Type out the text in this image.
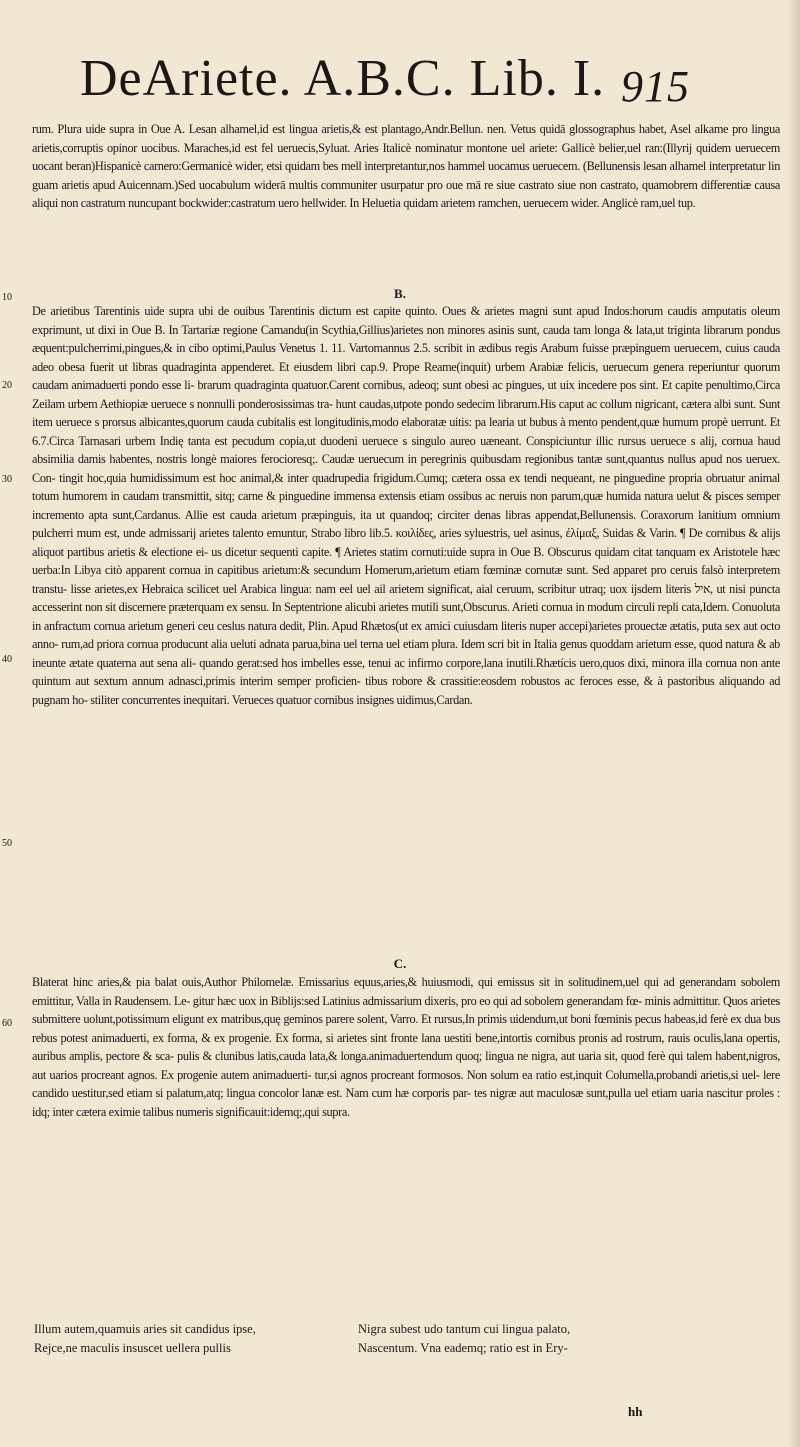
DeAriete. A.B.C. Lib. I. 915
rum. Plura uide supra in Oue A. Lesan alhamel,id est lingua arietis,& est plantago,Andr.Bellun. nen. Vetus quidā glossographus habet, Asel alkame pro lingua arietis,corruptis opinor uocibus. Maraches,id est fel ueruecis,Syluat. Aries Italicè nominatur montone uel ariete: Gallicè belier,uel ran:(Illyrij quidem ueruecem uocant beran)Hispanicè carnero:Germanicè wider, etsi quidam bes mell interpretantur,nos hammel uocamus ueruecem. (Bellunensis lesan alhamel interpretatur lin guam arietis apud Auicennam.)Sed uocabulum widerā multis communiter usurpatur pro oue mā re siue castrato siue non castrato, quamobrem differentiæ causa aliqui non castratum nuncupant bockwider:castratum uero hellwider. In Heluetia quidam arietem ramchen, ueruecem wider. Anglicè ram,uel tup.
B.
De arietibus Tarentinis uide supra ubi de ouibus Tarentinis dictum est capite quinto. Oues & arietes magni sunt apud Indos:horum caudis amputatis oleum exprimunt, ut dixi in Oue B. In Tartariæ regione Camandu(in Scythia,Gillius)arietes non minores asinis sunt, cauda tam longa & lata,ut triginta librarum pondus æquent:pulcherrimi,pingues,& in cibo optimi,Paulus Venetus 1. 11. Vartomannus 2.5. scribit in ædibus regis Arabum fuisse præpinguem ueruecem, cuius cauda adeo obesa fuerit ut libras quadraginta appenderet. Et eiusdem libri cap.9. Prope Reame(inquit) urbem Arabiæ felicis, ueruecum genera reperiuntur quorum caudam animaduerti pondo esse li- brarum quadraginta quatuor.Carent cornibus, adeoq; sunt obesi ac pingues, ut uix incedere pos sint. Et capite penultimo,Circa Zeilam urbem Aethiopiæ ueruece s nonnulli ponderosissimas tra- hunt caudas,utpote pondo sedecim librarum.His caput ac collum nigricant, cætera albi sunt. Sunt item ueruece s prorsus albicantes,quorum cauda cubitalis est longitudinis,modo elaboratæ uitis: pa learia ut bubus à mento pendent,quæ humum propè uerrunt. Et 6.7.Circa Tarnasari urbem Indię tanta est pecudum copia,ut duodeni ueruece s singulo aureo uæneant. Conspiciuntur illic rursus ueruece s alij, cornua haud absimilia damis habentes, nostris longè maiores ferocioresq;. Caudæ ueruecum in peregrinis quibusdam regionibus tantæ sunt,quantus nullus apud nos ueruex. Con- tingit hoc,quia humidissimum est hoc animal,& inter quadrupedia frigidum.Cumq; cætera ossa ex tendi nequeant, ne pinguedine propria obruatur animal totum humorem in caudam transmittit, sitq; carne & pinguedine immensa extensis etiam ossibus ac neruis non parum,quæ humida natura uelut & pisces semper incremento apta sunt,Cardanus. Allie est cauda arietum præpinguis, ita ut quandoq; circiter denas libras appendat,Bellunensis. Coraxorum lanitium omnium pulcherri mum est, unde admissarij arietes talento emuntur, Strabo libro lib.5. κοιλίδες, aries syluestris, uel asinus, ἐλίμαξ, Suidas & Varin. ¶ De cornibus & alijs aliquot partibus arietis & electione ei- us dicetur sequenti capite. ¶ Arietes statim cornuti:uide supra in Oue B. Obscurus quidam citat tanquam ex Aristotele hæc uerba:In Libya citò apparent cornua in capitibus arietum:& secundum Homerum,arietum etiam fœminæ cornutæ sunt. Sed apparet pro ceruis falsò interpretem transtu- lisse arietes,ex Hebraica scilicet uel Arabica lingua: nam eel uel ail arietem significat, aial ceruum, scribitur utraq; uox ijsdem literis איל, ut nisi puncta accesserint non sit discernere præterquam ex sensu. In Septentrione alicubi arietes mutili sunt,Obscurus. Arieti cornua in modum circuli repli cata,Idem. Conuoluta in anfractum cornua arietum generi ceu ceslus natura dedit, Plin. Apud Rhætos(ut ex amici cuiusdam literis nuper accepi)arietes prouectæ ætatis, puta sex aut octo anno- rum,ad priora cornua producunt alia ueluti adnata parua,bina uel terna uel etiam plura. Idem scri bit in Italia genus quoddam arietum esse, quod natura & ab ineunte ætate quaterna aut sena ali- quando gerat:sed hos imbelles esse, tenui ac infirmo corpore,lana inutili.Rhætícis uero,quos dixi, minora illa cornua non ante quintum aut sextum annum adnasci,primis interim semper proficien- tibus robore & crassitie:eosdem robustos ac feroces esse, & à pastoribus aliquando ad pugnam ho- stiliter concurrentes inequitari. Verueces quatuor cornibus insignes uidimus,Cardan.
C.
Blaterat hinc aries,& pia balat ouis,Author Philomelæ. Emissarius equus,aries,& huiusmodi, qui emissus sit in solitudinem,uel qui ad generandam sobolem emittitur, Valla in Raudensem. Le- gitur hæc uox in Biblijs:sed Latinius admissarium dixeris, pro eo qui ad sobolem generandam fœ- minis admittitur. Quos arietes submittere uolunt,potissimum eligunt ex matribus,quę geminos parere solent, Varro. Et rursus,In primis uidendum,ut boni fœminis pecus habeas,id ferè ex dua bus rebus potest animaduerti, ex forma, & ex progenie. Ex forma, si arietes sint fronte lana uestiti bene,intortis cornibus pronis ad rostrum, rauis oculis,lana opertis, auribus amplis, pectore & sca- pulis & clunibus latis,cauda lata,& longa.animaduertendum quoq; lingua ne nigra, aut uaria sit, quod ferè qui talem habent,nigros, aut uarios procreant agnos. Ex progenie autem animaduerti- tur,si agnos procreant formosos. Non solum ea ratio est,inquit Columella,probandi arietis,si uel- lere candido uestitur,sed etiam si palatum,atq; lingua concolor lanæ est. Nam cum hæ corporis par- tes nigræ aut maculosæ sunt,pulla uel etiam uaria nascitur proles : idq; inter cætera eximie talibus numeris significauit:idemq;,qui supra.
Illum autem,quamuis aries sit candidus ipse,
Rejce,ne maculis insuscet uellera pullis
Nigra subest udo tantum cui lingua palato,
Nascentum. Vna eademq; ratio est in Ery-
10
20
30
40
50
60
hh
